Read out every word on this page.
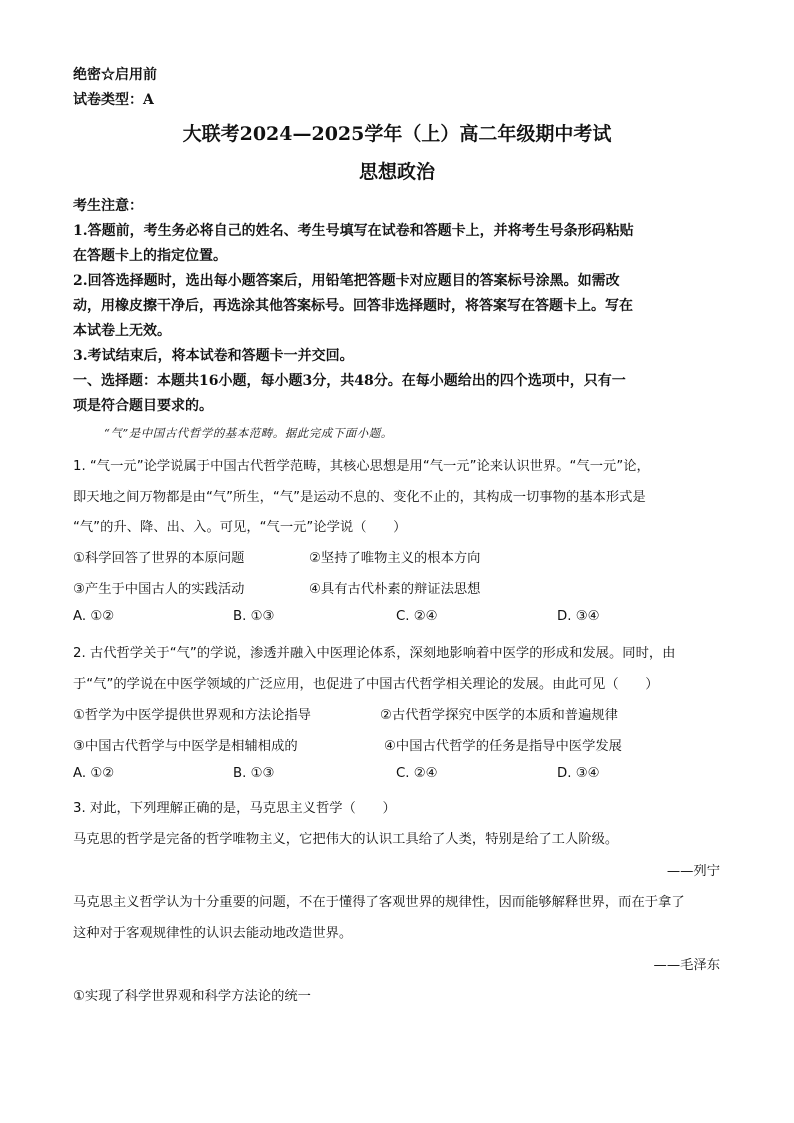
绝密☆启用前
试卷类型：A
大联考2024—2025学年（上）高二年级期中考试
思想政治
考生注意：
1.答题前，考生务必将自己的姓名、考生号填写在试卷和答题卡上，并将考生号条形码粘贴
在答题卡上的指定位置。
2.回答选择题时，选出每小题答案后，用铅笔把答题卡对应题目的答案标号涂黑。如需改
动，用橡皮擦干净后，再选涂其他答案标号。回答非选择题时，将答案写在答题卡上。写在
本试卷上无效。
3.考试结束后，将本试卷和答题卡一并交回。
一、选择题：本题共16小题，每小题3分，共48分。在每小题给出的四个选项中，只有一
项是符合题目要求的。
“气”是中国古代哲学的基本范畴。据此完成下面小题。
1. “气一元”论学说属于中国古代哲学范畴，其核心思想是用“气一元”论来认识世界。“气一元”论，
即天地之间万物都是由“气”所生，“气”是运动不息的、变化不止的，其构成一切事物的基本形式是
“气”的升、降、出、入。可见，“气一元”论学说（　　）
①科学回答了世界的本原问题	②坚持了唯物主义的根本方向
③产生于中国古人的实践活动	④具有古代朴素的辩证法思想
A. ①②	B. ①③	C. ②④	D. ③④
2. 古代哲学关于“气”的学说，渗透并融入中医理论体系，深刻地影响着中医学的形成和发展。同时，由
于“气”的学说在中医学领域的广泛应用，也促进了中国古代哲学相关理论的发展。由此可见（　　）
①哲学为中医学提供世界观和方法论指导	②古代哲学探究中医学的本质和普遍规律
③中国古代哲学与中医学是相辅相成的	④中国古代哲学的任务是指导中医学发展
A. ①②	B. ①③	C. ②④	D. ③④
3. 对此，下列理解正确的是，马克思主义哲学（　　）
马克思的哲学是完备的哲学唯物主义，它把伟大的认识工具给了人类，特别是给了工人阶级。
——列宁
马克思主义哲学认为十分重要的问题，不在于懂得了客观世界的规律性，因而能够解释世界，而在于拿了
这种对于客观规律性的认识去能动地改造世界。
——毛泽东
①实现了科学世界观和科学方法论的统一
